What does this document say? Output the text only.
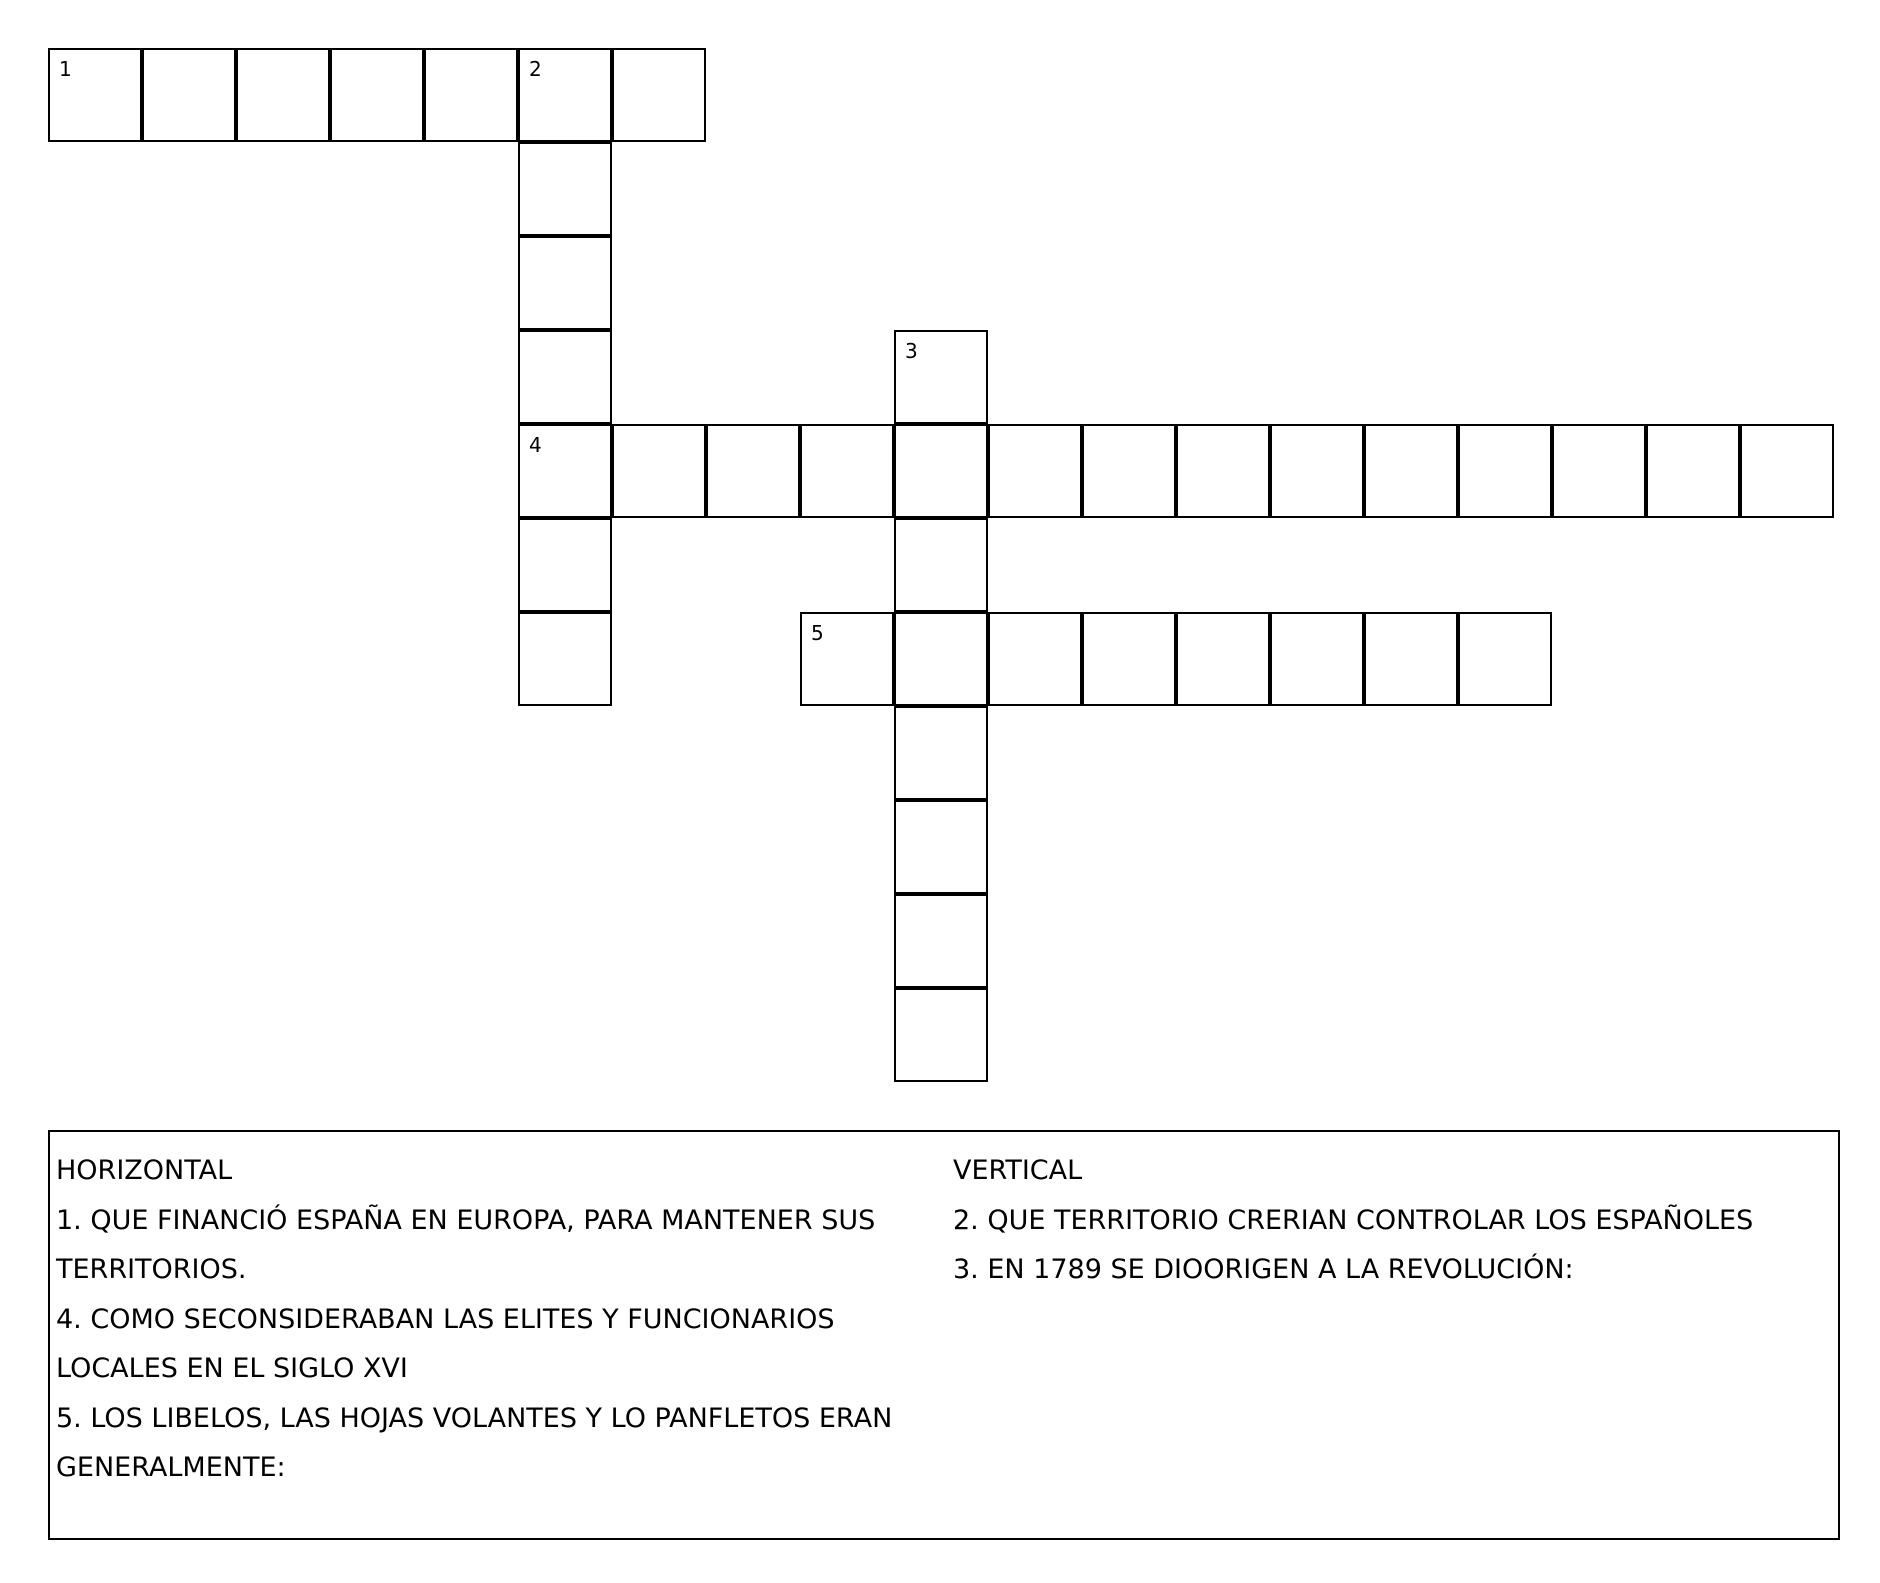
1	2
4
3
5
HORIZONTAL
1. QUE FINANCIÓ ESPAÑA EN EUROPA, PARA MANTENER SUS
TERRITORIOS.
4. COMO SECONSIDERABAN LAS ELITES Y FUNCIONARIOS
LOCALES EN EL SIGLO XVI
5. LOS LIBELOS, LAS HOJAS VOLANTES Y LO PANFLETOS ERAN
GENERALMENTE:
VERTICAL
2. QUE TERRITORIO CRERIAN CONTROLAR LOS ESPAÑOLES
3. EN 1789 SE DIOORIGEN A LA REVOLUCIÓN:
